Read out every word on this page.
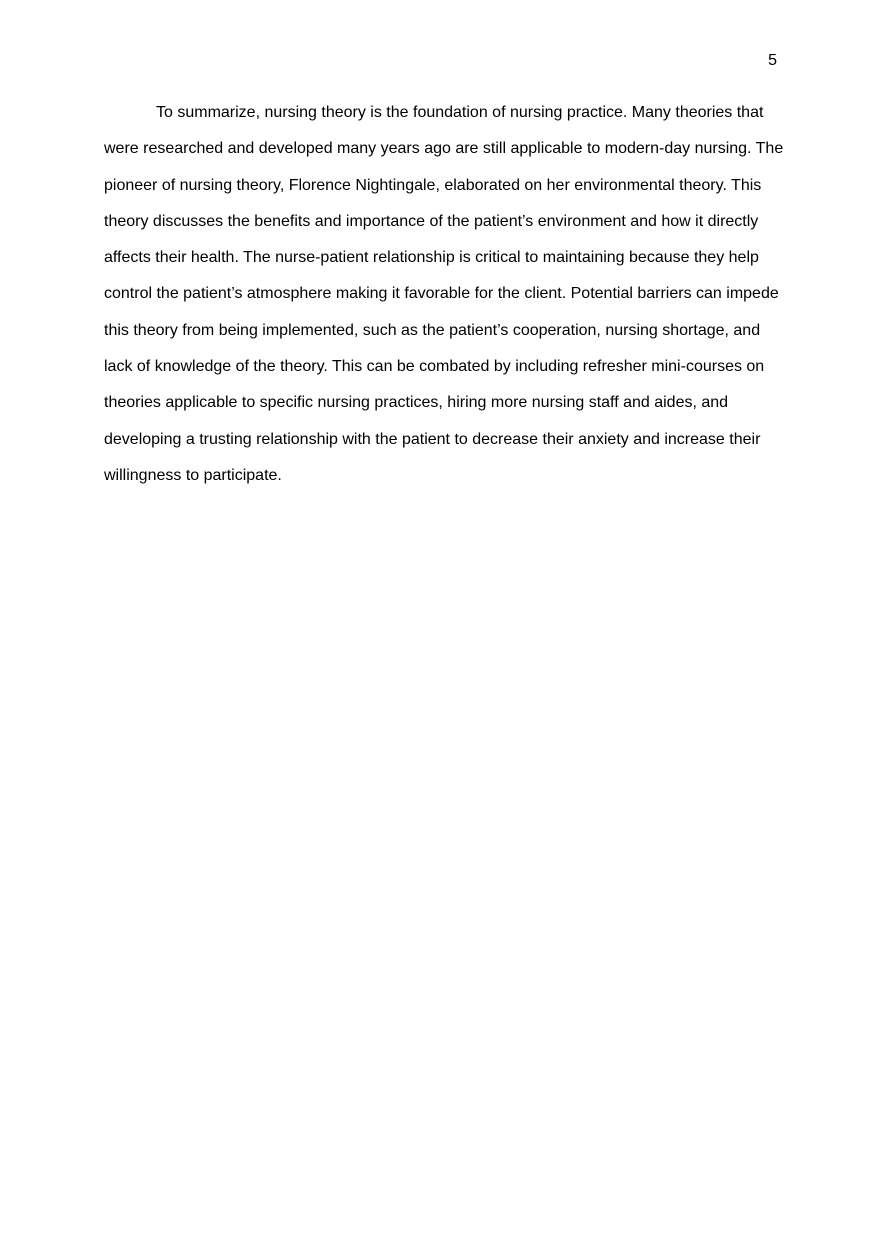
5
To summarize, nursing theory is the foundation of nursing practice. Many theories that
were researched and developed many years ago are still applicable to modern-day nursing. The
pioneer of nursing theory, Florence Nightingale, elaborated on her environmental theory. This
theory discusses the benefits and importance of the patient’s environment and how it directly
affects their health. The nurse-patient relationship is critical to maintaining because they help
control the patient’s atmosphere making it favorable for the client. Potential barriers can impede
this theory from being implemented, such as the patient’s cooperation, nursing shortage, and
lack of knowledge of the theory. This can be combated by including refresher mini-courses on
theories applicable to specific nursing practices, hiring more nursing staff and aides, and
developing a trusting relationship with the patient to decrease their anxiety and increase their
willingness to participate.
